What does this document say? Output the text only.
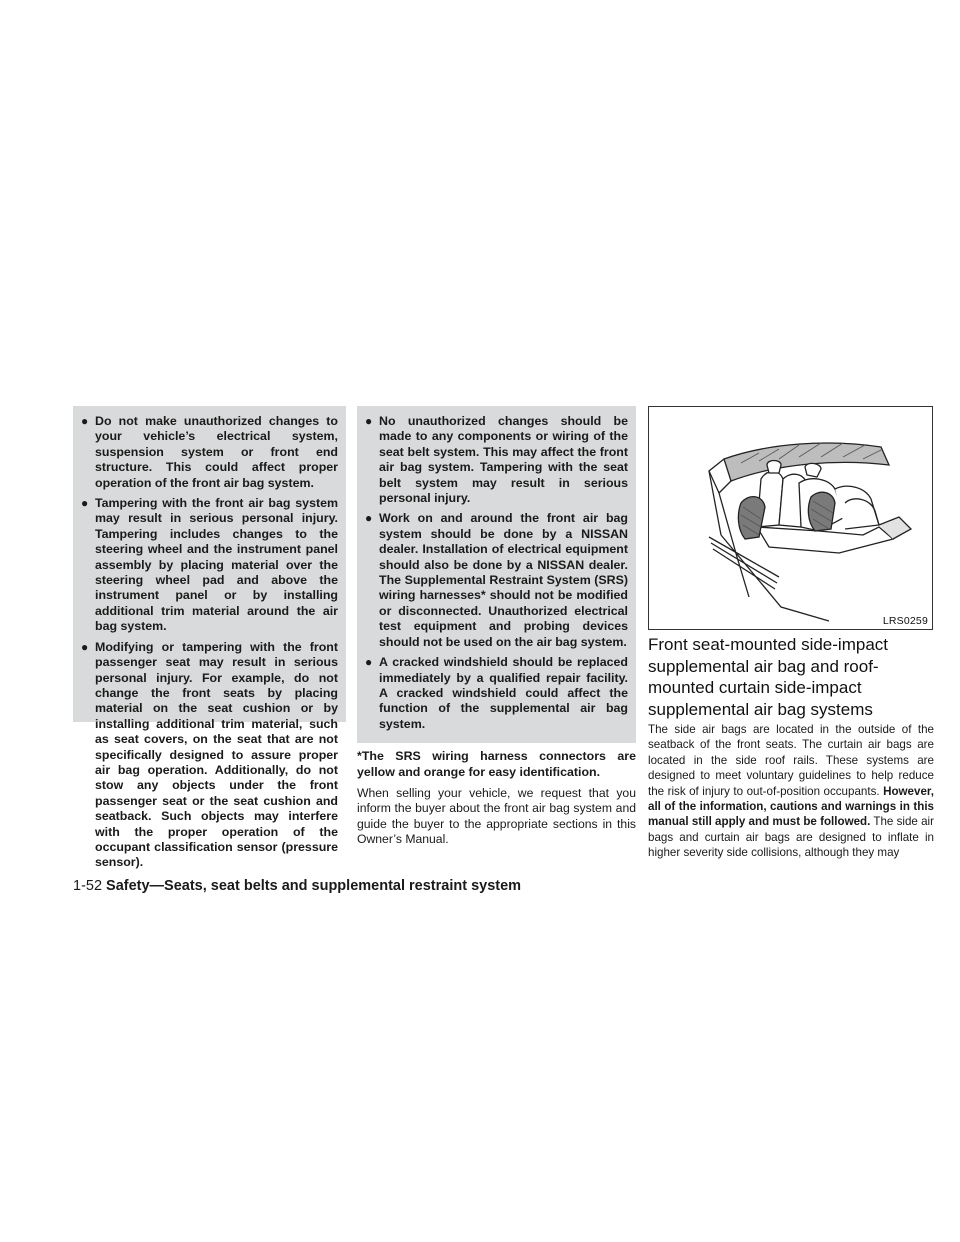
● Do not make unauthorized changes to your vehicle’s electrical system, suspension system or front end structure. This could affect proper operation of the front air bag system.
● Tampering with the front air bag system may result in serious personal injury. Tampering includes changes to the steering wheel and the instrument panel assembly by placing material over the steering wheel pad and above the instrument panel or by installing additional trim material around the air bag system.
● Modifying or tampering with the front passenger seat may result in serious personal injury. For example, do not change the front seats by placing material on the seat cushion or by installing additional trim material, such as seat covers, on the seat that are not specifically designed to assure proper air bag operation. Additionally, do not stow any objects under the front passenger seat or the seat cushion and seatback. Such objects may interfere with the proper operation of the occupant classification sensor (pressure sensor).
● No unauthorized changes should be made to any components or wiring of the seat belt system. This may affect the front air bag system. Tampering with the seat belt system may result in serious personal injury.
● Work on and around the front air bag system should be done by a NISSAN dealer. Installation of electrical equipment should also be done by a NISSAN dealer. The Supplemental Restraint System (SRS) wiring harnesses* should not be modified or disconnected. Unauthorized electrical test equipment and probing devices should not be used on the air bag system.
● A cracked windshield should be replaced immediately by a qualified repair facility. A cracked windshield could affect the function of the supplemental air bag system.

*The SRS wiring harness connectors are yellow and orange for easy identification.

When selling your vehicle, we request that you inform the buyer about the front air bag system and guide the buyer to the appropriate sections in this Owner’s Manual.

LRS0259
Front seat-mounted side-impact supplemental air bag and roof-mounted curtain side-impact supplemental air bag systems
The side air bags are located in the outside of the seatback of the front seats. The curtain air bags are located in the side roof rails. These systems are designed to meet voluntary guidelines to help reduce the risk of injury to out-of-position occupants. However, all of the information, cautions and warnings in this manual still apply and must be followed. The side air bags and curtain air bags are designed to inflate in higher severity side collisions, although they may
1-52 Safety—Seats, seat belts and supplemental restraint system
